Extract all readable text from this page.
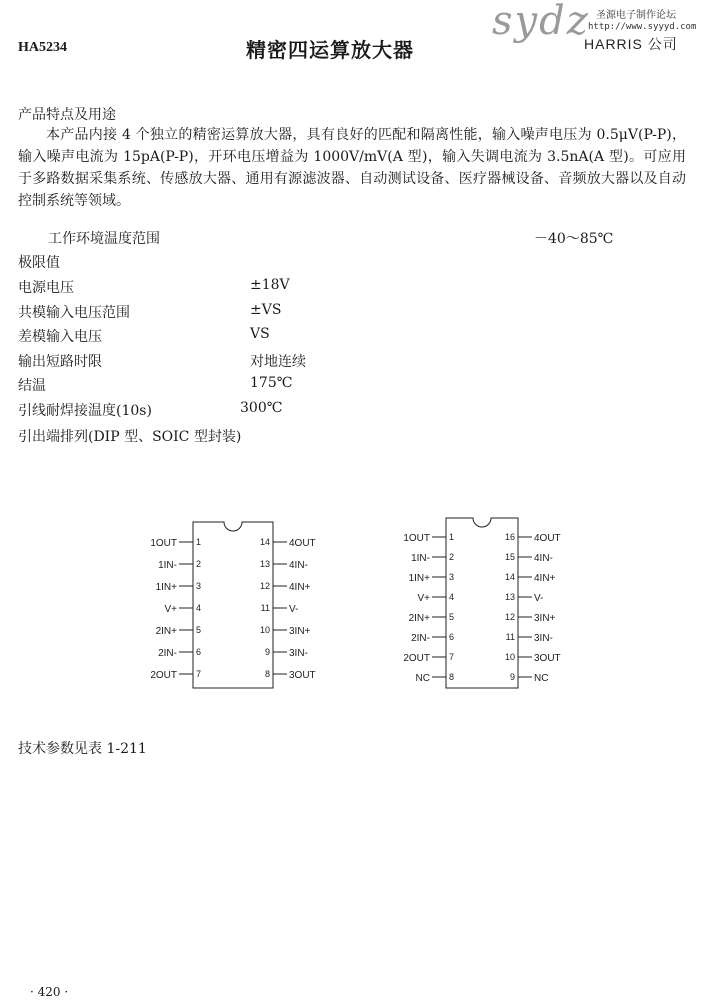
HA5234	精密四运算放大器
sydz 圣源电子制作论坛
http://www.syyyd.com
HARRIS 公司
产品特点及用途
本产品内接 4 个独立的精密运算放大器，具有良好的匹配和隔离性能，输入噪声电压为 0.5μV(P-P)，输入噪声电流为 15pA(P-P)，开环电压增益为 1000V/mV(A 型)，输入失调电流为 3.5nA(A 型)。可应用于多路数据采集系统、传感放大器、通用有源滤波器、自动测试设备、医疗器械设备、音频放大器以及自动控制系统等领域。
工作环境温度范围	－40～85℃
极限值
电源电压	±18V
共模输入电压范围	±VS
差模输入电压	VS
输出短路时限	对地连续
结温	175℃
引线耐焊接温度(10s)	300℃
引出端排列(DIP 型、SOIC 型封装)
1
1OUT
2
1IN-
3
1IN+
4
V+
5
2IN+
6
2IN-
7
2OUT
14 4OUT
13 4IN-
12 4IN+
11 V-
10 3IN+
9 3IN-
8 3OUT
1
1OUT
2
1IN-
3
1IN+
4
V+
5
2IN+
6
2IN-
7
2OUT
8
NC
16 4OUT
15 4IN-
14 4IN+
13 V-
12 3IN+
11 3IN-
10 3OUT
9 NC
技术参数见表 1-211
· 420 ·
